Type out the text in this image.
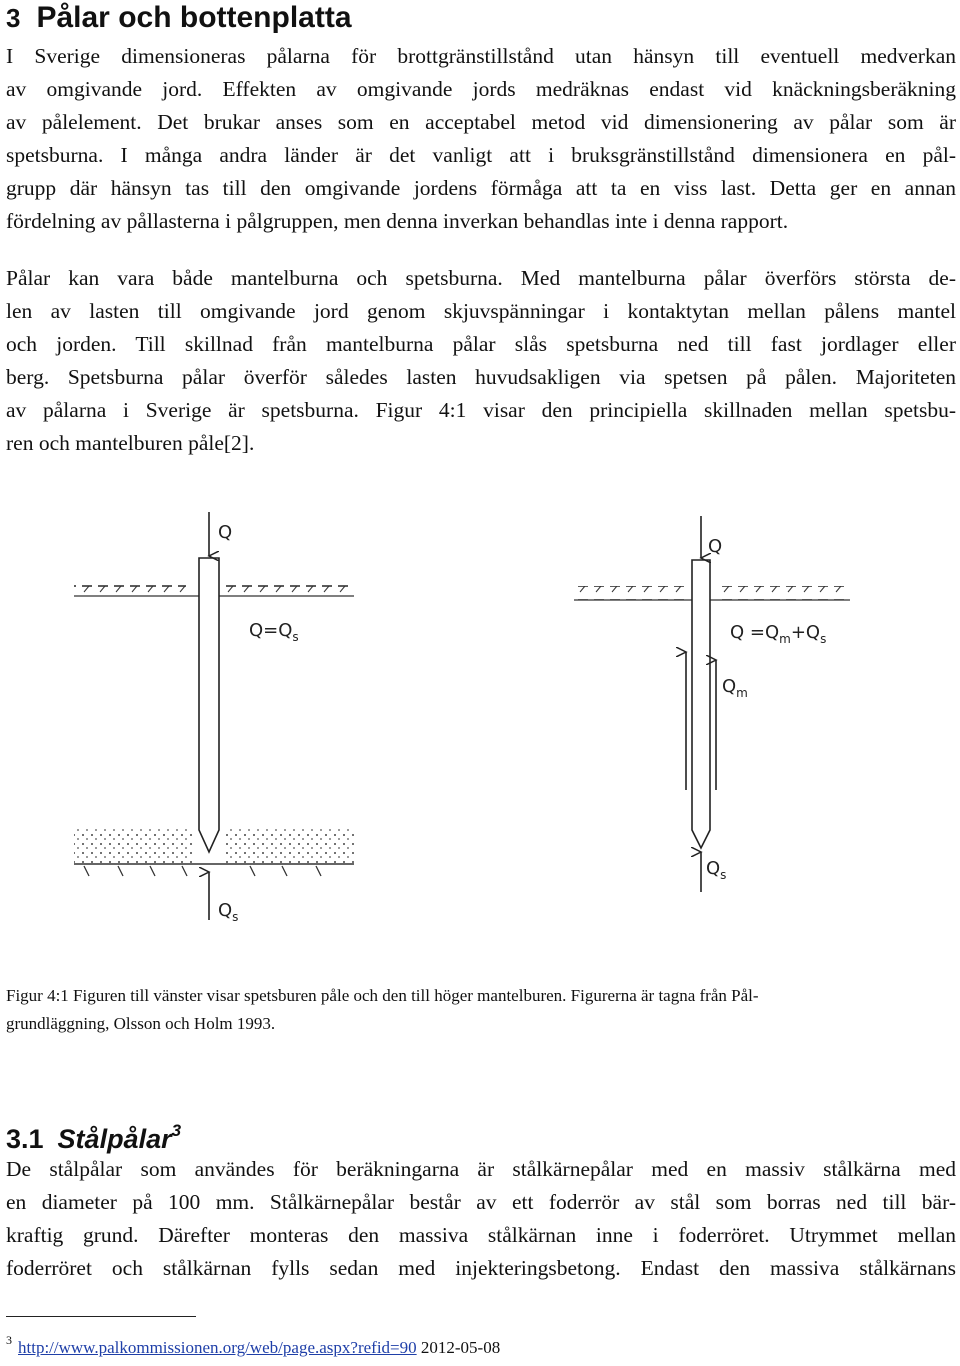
3 Pålar och bottenplatta
I Sverige dimensioneras pålarna för brottgränstillstånd utan hänsyn till eventuell medverkan
av omgivande jord. Effekten av omgivande jords medräknas endast vid knäckningsberäkning
av pålelement. Det brukar anses som en acceptabel metod vid dimensionering av pålar som är
spetsburna. I många andra länder är det vanligt att i bruksgränstillstånd dimensionera en pål-
grupp där hänsyn tas till den omgivande jordens förmåga att ta en viss last. Detta ger en annan
fördelning av pållasterna i pålgruppen, men denna inverkan behandlas inte i denna rapport.
Pålar kan vara både mantelburna och spetsburna. Med mantelburna pålar överförs största de-
len av lasten till omgivande jord genom skjuvspänningar i kontaktytan mellan pålens mantel
och jorden. Till skillnad från mantelburna pålar slås spetsburna ned till fast jordlager eller
berg. Spetsburna pålar överför således lasten huvudsakligen via spetsen på pålen. Majoriteten
av pålarna i Sverige är spetsburna. Figur 4:1 visar den principiella skillnaden mellan spetsbu-
ren och mantelburen påle[2].
Q
$Q=Q_s$
$Q_s$
Q
$Q =Q_m+Q_s$
$Q_m$
$Q_s$
Figur 4:1 Figuren till vänster visar spetsburen påle och den till höger mantelburen. Figurerna är tagna från Pål-
grundläggning, Olsson och Holm 1993.
3.1 Stålpålar$^3$
De stålpålar som användes för beräkningarna är stålkärnepålar med en massiv stålkärna med
en diameter på 100 mm. Stålkärnepålar består av ett foderrör av stål som borras ned till bär-
kraftig grund. Därefter monteras den massiva stålkärnan inne i foderröret. Utrymmet mellan
foderröret och stålkärnan fylls sedan med injekteringsbetong. Endast den massiva stålkärnans
$^3$ http://www.palkommissionen.org/web/page.aspx?refid=90 2012-05-08
